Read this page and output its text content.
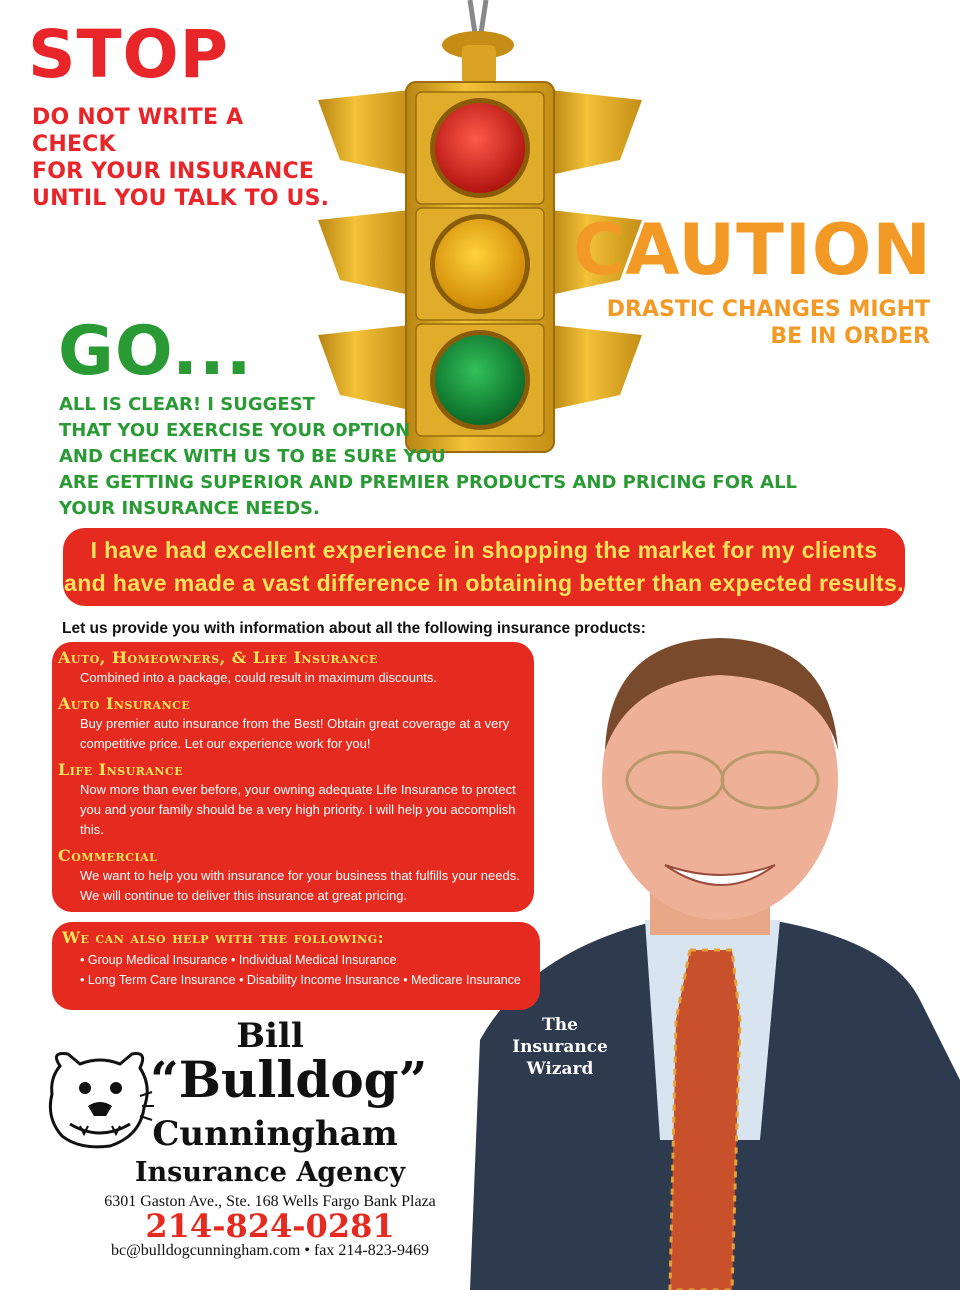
STOP
DO NOT WRITE A CHECK
FOR YOUR INSURANCE
UNTIL YOU TALK TO US.
CAUTION
DRASTIC CHANGES MIGHT
BE IN ORDER
GO...
ALL IS CLEAR! I SUGGEST
THAT YOU EXERCISE YOUR OPTION
AND CHECK WITH US TO BE SURE YOU
ARE GETTING SUPERIOR AND PREMIER PRODUCTS AND PRICING FOR ALL
YOUR INSURANCE NEEDS.
I have had excellent experience in shopping the market for my clients
and have made a vast difference in obtaining better than expected results.
The Insurance
Wizard
Let us provide you with information about all the following insurance products:
Auto, Homeowners, & Life Insurance
Combined into a package, could result in maximum discounts.
Auto Insurance
Buy premier auto insurance from the Best! Obtain great coverage at a very competitive price. Let our experience work for you!
Life Insurance
Now more than ever before, your owning adequate Life Insurance to protect you and your family should be a very high priority. I will help you accomplish this.
Commercial
We want to help you with insurance for your business that fulfills your needs. We will continue to deliver this insurance at great pricing.
We can also help with the following:
• Group Medical Insurance • Individual Medical Insurance
• Long Term Care Insurance • Disability Income Insurance • Medicare Insurance
Bill
“Bulldog”
Cunningham
Insurance Agency
6301 Gaston Ave., Ste. 168 Wells Fargo Bank Plaza
214-824-0281
bc@bulldogcunningham.com • fax 214-823-9469
